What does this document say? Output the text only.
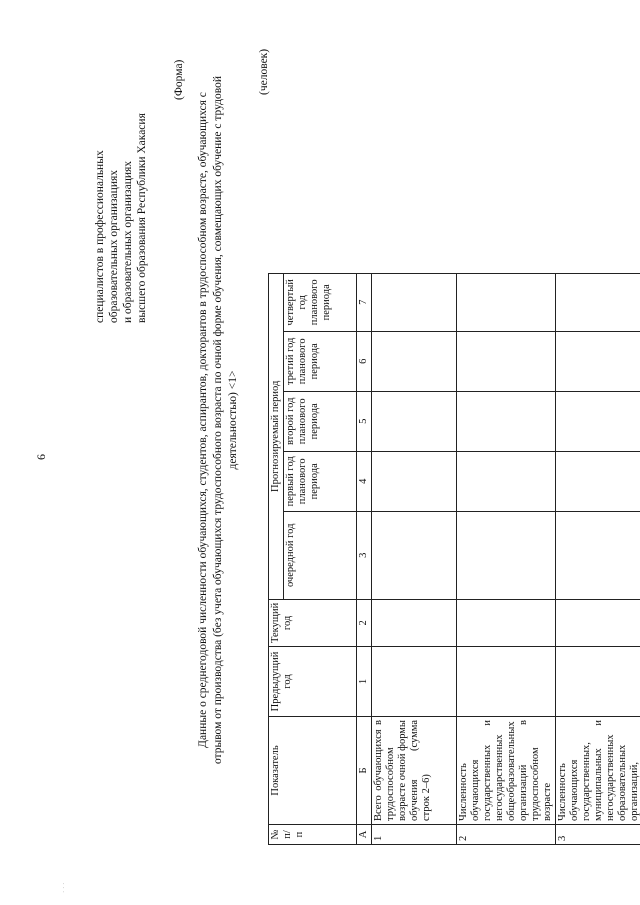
6
специалистов в профессиональных образовательных организациях и образовательных организациях высшего образования Республики Хакасия
(Форма)
Данные о среднегодовой численности обучающихся, студентов, аспирантов, докторантов в трудоспособном возрасте, обучающихся с отрывом от производства (без учета обучающихся трудоспособного возраста по очной форме обучения, совмещающих обучение с трудовой деятельностью) <1>
(человек)
№ п/п	Показатель	Предыдущий год	Текущий год	Прогнозируемый период				
				очередной год	первый год планового периода	второй год планового периода	третий год планового периода	четвертый год планового периода
А	Б	1	2	3	4	5	6	7
1	Всего обучающихся в трудоспособном возрасте очной формы обучения (сумма строк 2–6)							
2	Численность обучающихся государственных и негосударственных общеобразовательных организаций в трудоспособном возрасте							
3	Численность обучающихся государственных, муниципальных и негосударственных образовательных организаций,							
· · ·
